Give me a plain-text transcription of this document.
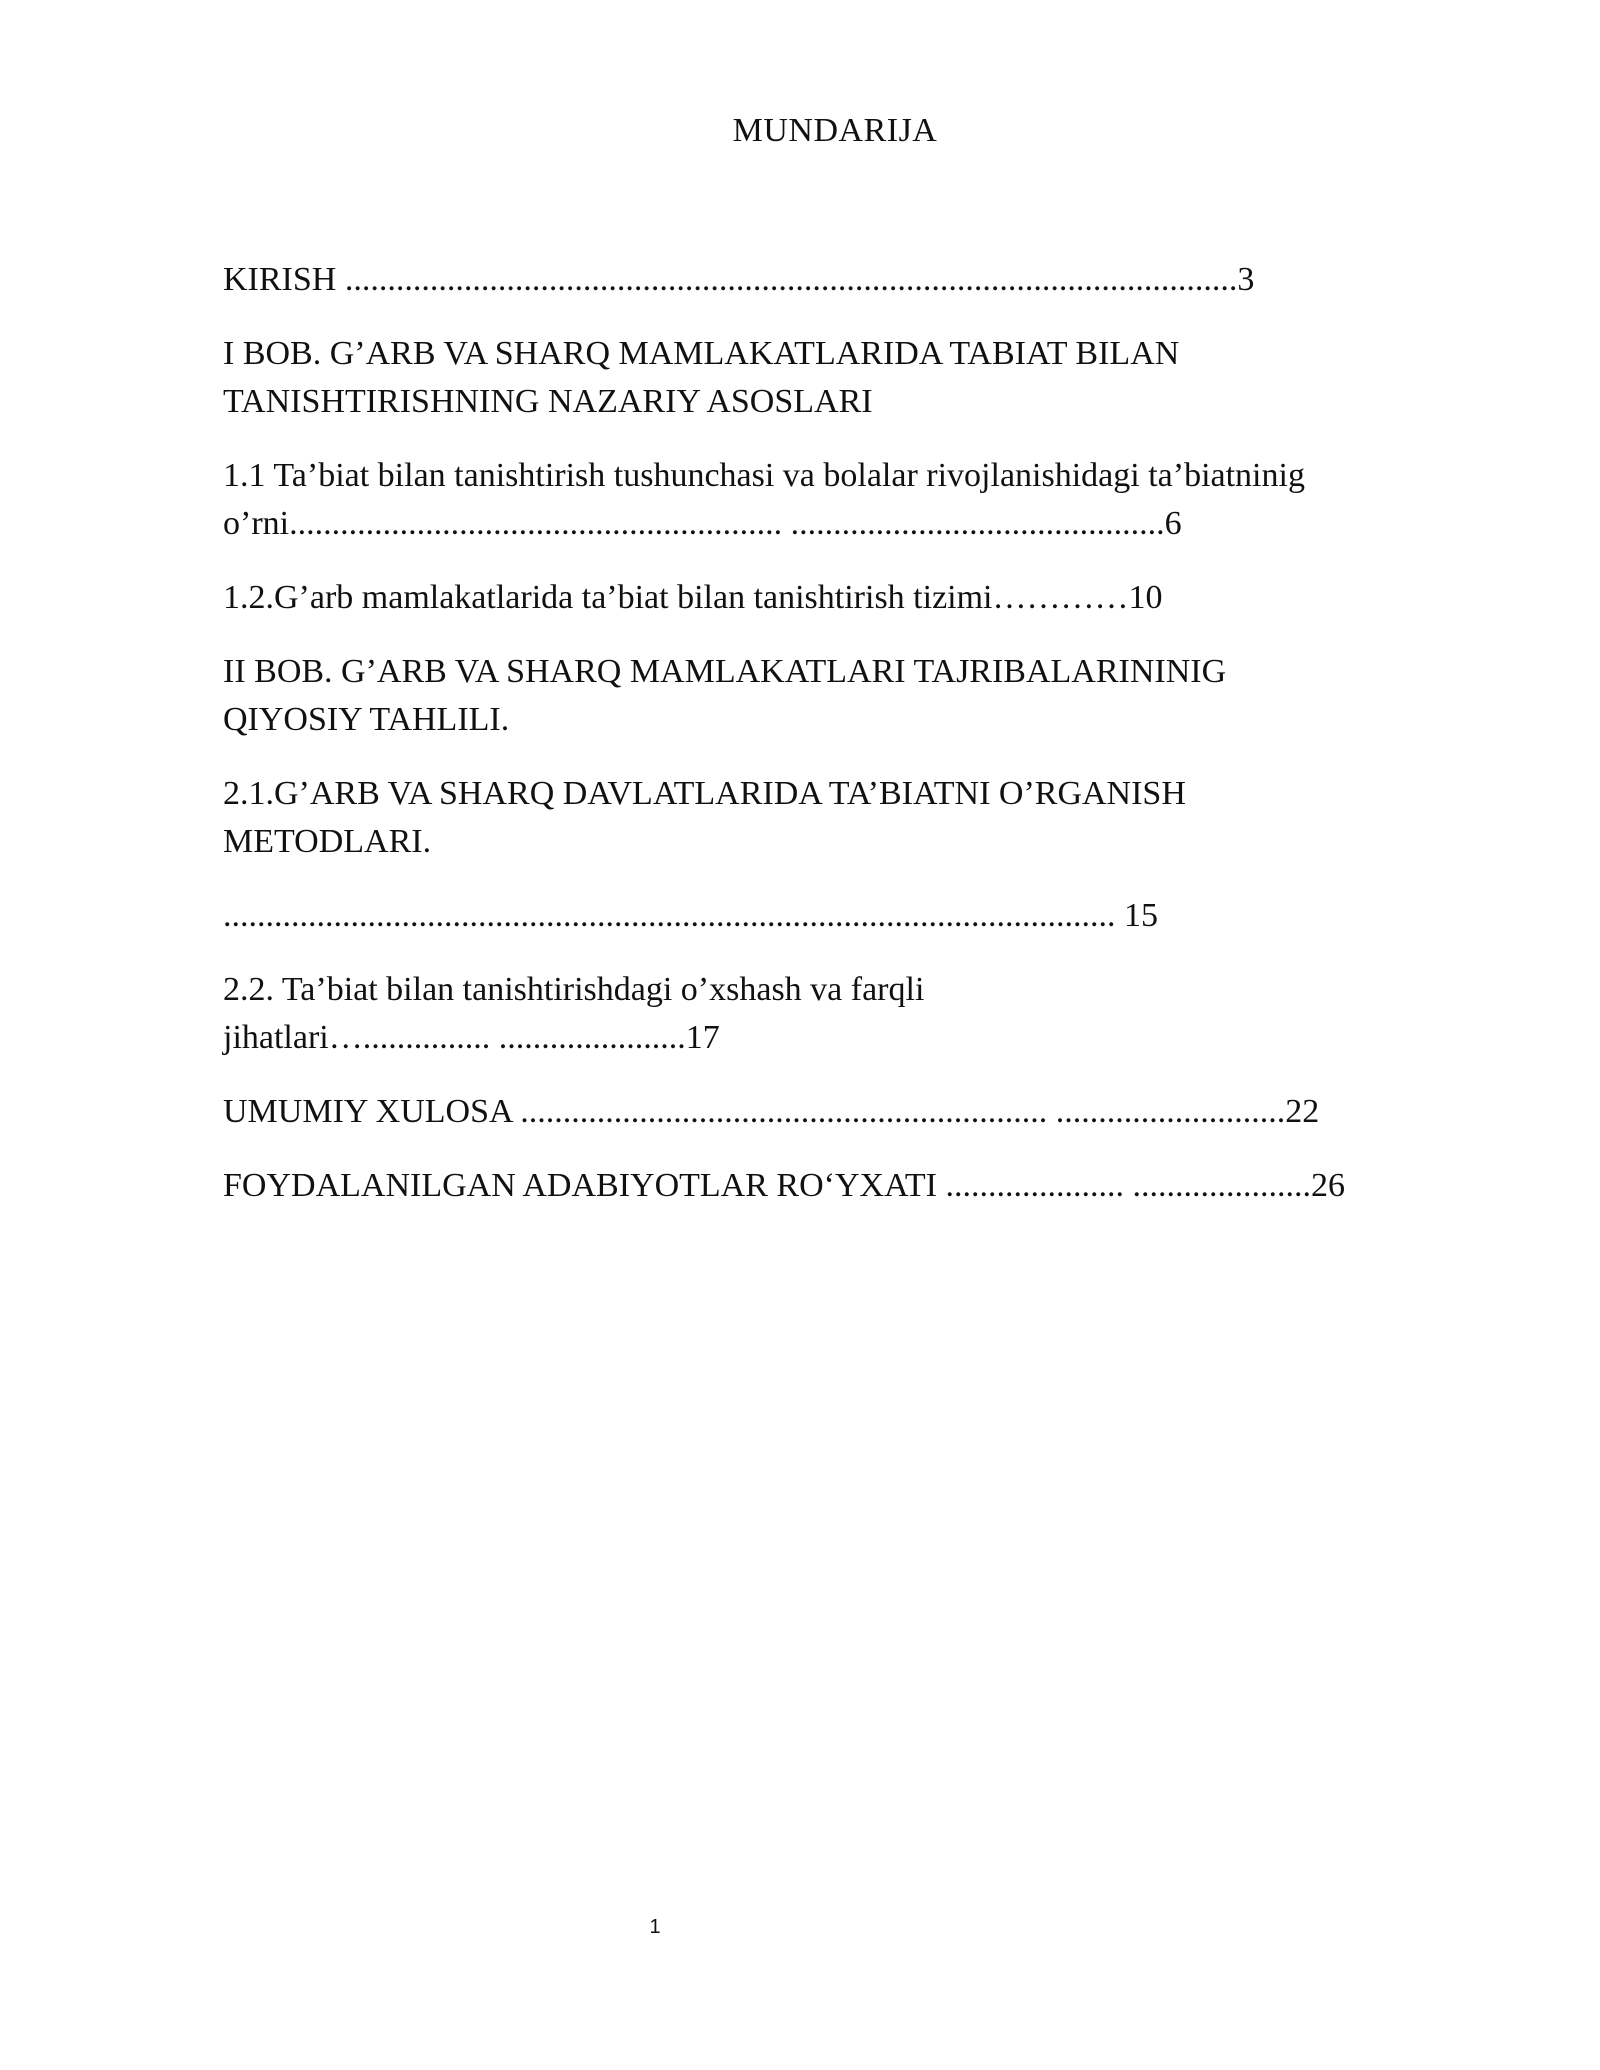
MUNDARIJA

KIRISH .........................................................................................................3

I BOB. G’ARB VA SHARQ MAMLAKATLARIDA TABIAT BILAN

TANISHTIRISHNING NAZARIY ASOSLARI

1.1 Ta’biat bilan tanishtirish tushunchasi va bolalar rivojlanishidagi ta’biatninig

o’rni.......................................................... ............................................6

1.2.G’arb mamlakatlarida ta’biat bilan tanishtirish tizimi…………10

II BOB. G’ARB VA SHARQ MAMLAKATLARI TAJRIBALARININIG

QIYOSIY TAHLILI.

2.1.G’ARB VA SHARQ DAVLATLARIDA TA’BIATNI O’RGANISH

METODLARI.

......................................................................................................... 15

2.2. Ta’biat bilan tanishtirishdagi o’xshash va farqli

jihatlari…............... ......................17

UMUMIY XULOSA .............................................................. ...........................22

FOYDALANILGAN ADABIYOTLAR RO‘YXATI ..................... .....................26

1
